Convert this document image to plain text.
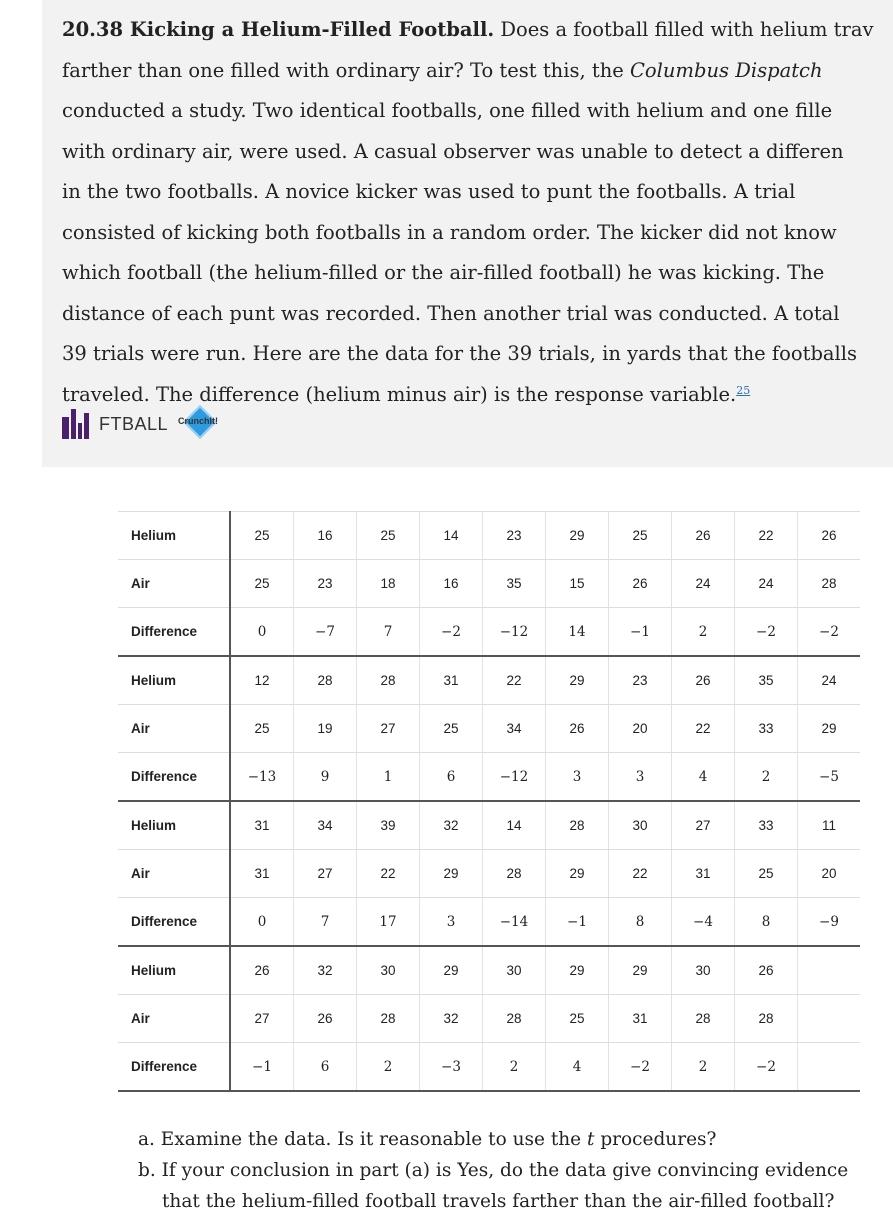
20.38 Kicking a Helium-Filled Football. Does a football filled with helium trav
farther than one filled with ordinary air? To test this, the Columbus Dispatch
conducted a study. Two identical footballs, one filled with helium and one fille
with ordinary air, were used. A casual observer was unable to detect a differen
in the two footballs. A novice kicker was used to punt the footballs. A trial
consisted of kicking both footballs in a random order. The kicker did not know
which football (the helium-filled or the air-filled football) he was kicking. The
distance of each punt was recorded. Then another trial was conducted. A total
39 trials were run. Here are the data for the 39 trials, in yards that the footballs
traveled. The difference (helium minus air) is the response variable.$^{25}$
FTBALL CrunchIt!
Helium	25	16	25	14	23	29	25	26	22	26
Air	25	23	18	16	35	15	26	24	24	28
Difference	0	−7	7	−2	−12	14	−1	2	−2	−2
Helium	12	28	28	31	22	29	23	26	35	24
Air	25	19	27	25	34	26	20	22	33	29
Difference	−13	9	1	6	−12	3	3	4	2	−5
Helium	31	34	39	32	14	28	30	27	33	11
Air	31	27	22	29	28	29	22	31	25	20
Difference	0	7	17	3	−14	−1	8	−4	8	−9
Helium	26	32	30	29	30	29	29	30	26	
Air	27	26	28	32	28	25	31	28	28	
Difference	−1	6	2	−3	2	4	−2	2	−2	
a. Examine the data. Is it reasonable to use the t procedures?
b. If your conclusion in part (a) is Yes, do the data give convincing evidence
that the helium-filled football travels farther than the air-filled football?
